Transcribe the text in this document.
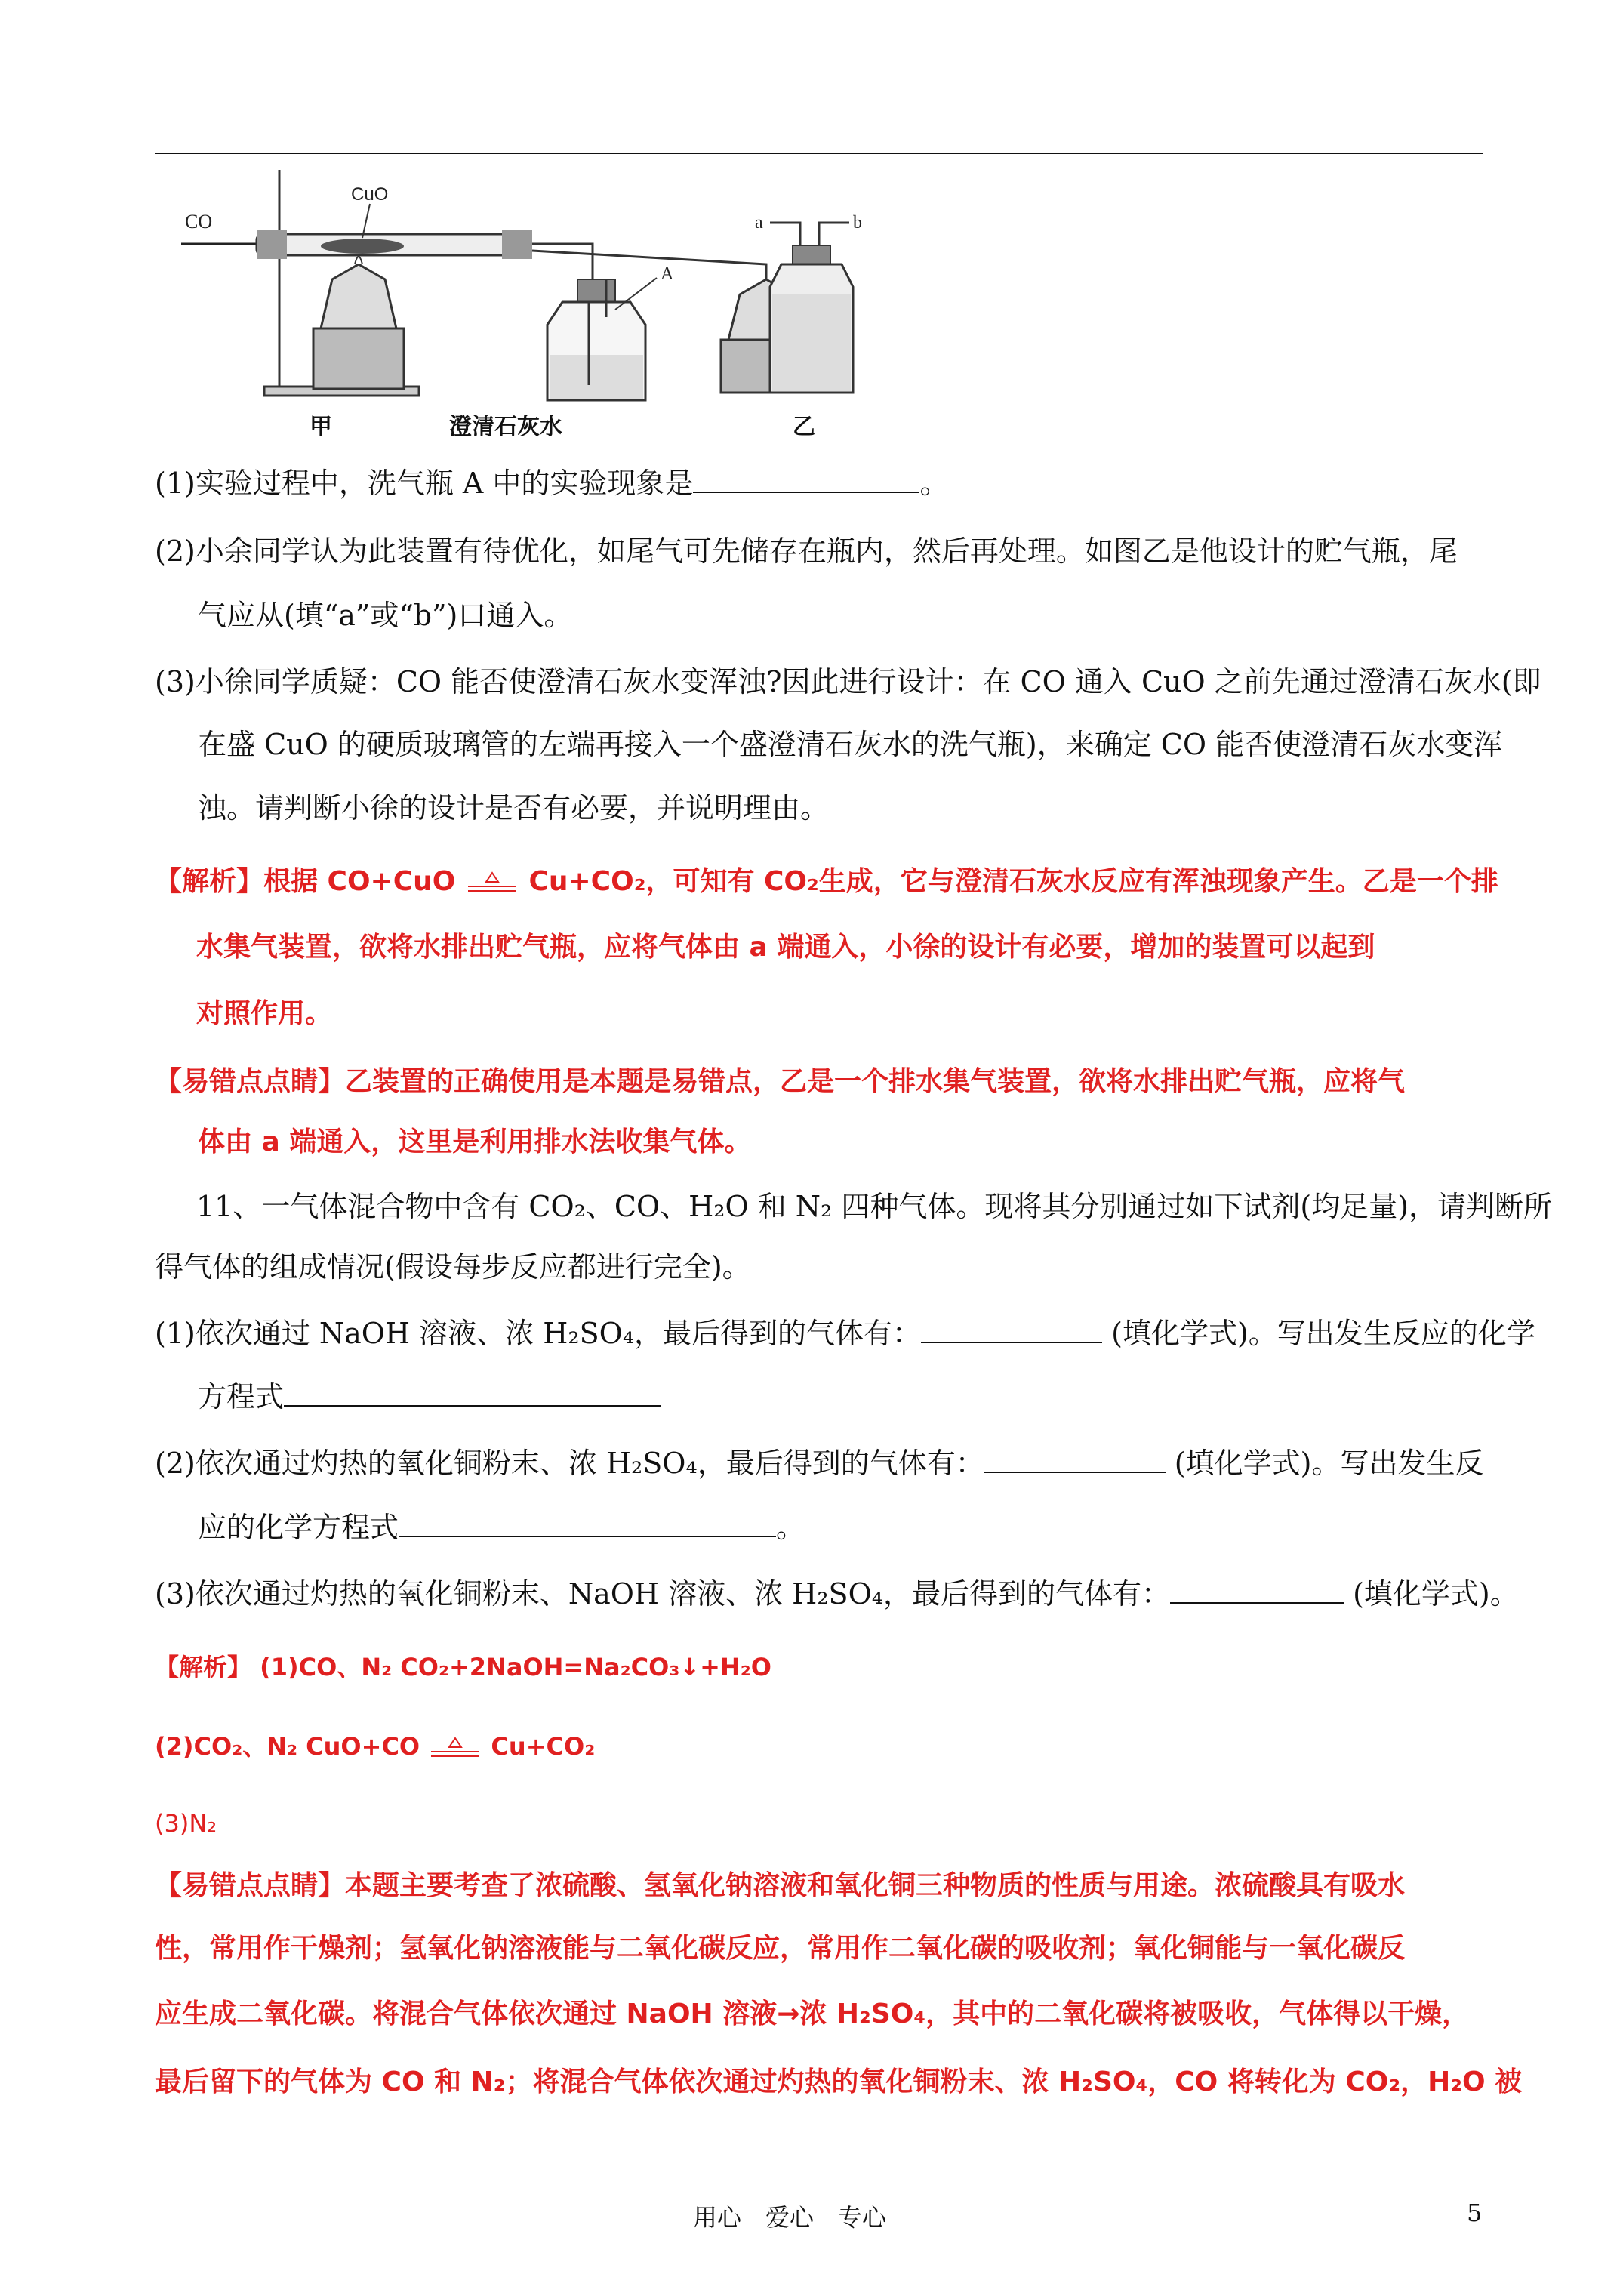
CO
CuO
A
a	b
甲	澄清石灰水	乙
(1)实验过程中，洗气瓶 A 中的实验现象是	。
(2)小余同学认为此装置有待优化，如尾气可先储存在瓶内，然后再处理。如图乙是他设计的贮气瓶，尾
气应从(填“a”或“b”)口通入。
(3)小徐同学质疑：CO 能否使澄清石灰水变浑浊?因此进行设计：在 CO 通入 CuO 之前先通过澄清石灰水(即
在盛 CuO 的硬质玻璃管的左端再接入一个盛澄清石灰水的洗气瓶)，来确定 CO 能否使澄清石灰水变浑
浊。请判断小徐的设计是否有必要，并说明理由。
【解析】根据 CO+CuO	Cu+CO₂，可知有 CO₂生成，它与澄清石灰水反应有浑浊现象产生。乙是一个排
水集气装置，欲将水排出贮气瓶，应将气体由 a 端通入，小徐的设计有必要，增加的装置可以起到
对照作用。
【易错点点睛】乙装置的正确使用是本题是易错点，乙是一个排水集气装置，欲将水排出贮气瓶，应将气
体由 a 端通入，这里是利用排水法收集气体。
11、一气体混合物中含有 CO₂、CO、H₂O 和 N₂ 四种气体。现将其分别通过如下试剂(均足量)，请判断所
得气体的组成情况(假设每步反应都进行完全)。
(1)依次通过 NaOH 溶液、浓 H₂SO₄，最后得到的气体有：	(填化学式)。写出发生反应的化学
方程式
(2)依次通过灼热的氧化铜粉末、浓 H₂SO₄，最后得到的气体有：	(填化学式)。写出发生反
应的化学方程式	。
(3)依次通过灼热的氧化铜粉末、NaOH 溶液、浓 H₂SO₄，最后得到的气体有：	(填化学式)。
【解析】 (1)CO、N₂ CO₂+2NaOH=Na₂CO₃↓+H₂O
(2)CO₂、N₂ CuO+CO	Cu+CO₂
(3)N₂
【易错点点睛】本题主要考查了浓硫酸、氢氧化钠溶液和氧化铜三种物质的性质与用途。浓硫酸具有吸水
性，常用作干燥剂；氢氧化钠溶液能与二氧化碳反应，常用作二氧化碳的吸收剂；氧化铜能与一氧化碳反
应生成二氧化碳。将混合气体依次通过 NaOH 溶液→浓 H₂SO₄，其中的二氧化碳将被吸收，气体得以干燥，
最后留下的气体为 CO 和 N₂；将混合气体依次通过灼热的氧化铜粉末、浓 H₂SO₄，CO 将转化为 CO₂，H₂O 被
用心　爱心　专心	5
